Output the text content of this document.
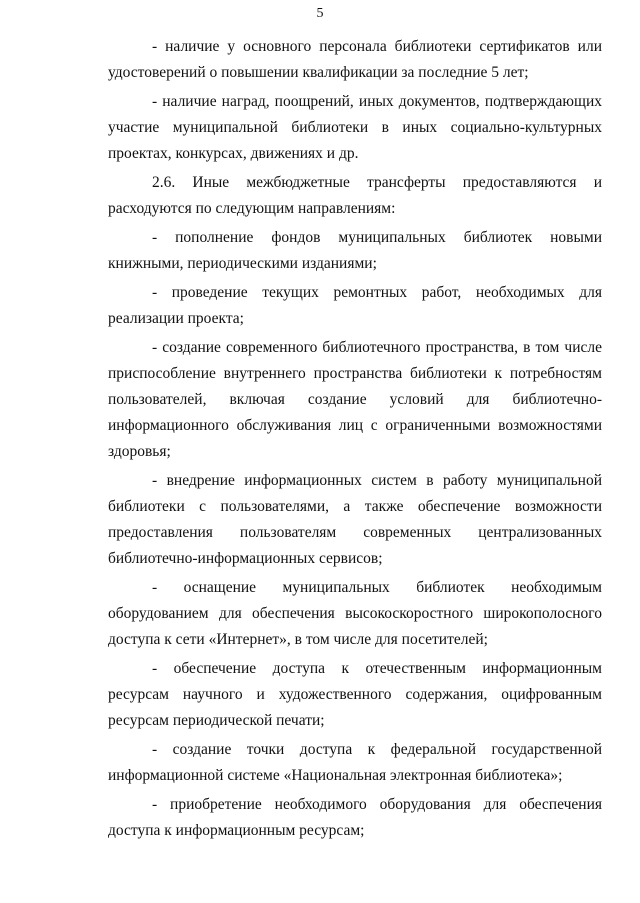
5

- наличие у основного персонала библиотеки сертификатов или удостоверений о повышении квалификации за последние 5 лет;

- наличие наград, поощрений, иных документов, подтверждающих участие муниципальной библиотеки в иных социально-культурных проектах, конкурсах, движениях и др.

2.6. Иные межбюджетные трансферты предоставляются и расходуются по следующим направлениям:

- пополнение фондов муниципальных библиотек новыми книжными, периодическими изданиями;

- проведение текущих ремонтных работ, необходимых для реализации проекта;

- создание современного библиотечного пространства, в том числе приспособление внутреннего пространства библиотеки к потребностям пользователей, включая создание условий для библиотечно-информационного обслуживания лиц с ограниченными возможностями здоровья;

- внедрение информационных систем в работу муниципальной библиотеки с пользователями, а также обеспечение возможности предоставления пользователям современных централизованных библиотечно-информационных сервисов;

- оснащение муниципальных библиотек необходимым оборудованием для обеспечения высокоскоростного широкополосного доступа к сети «Интернет», в том числе для посетителей;

- обеспечение доступа к отечественным информационным ресурсам научного и художественного содержания, оцифрованным ресурсам периодической печати;

- создание точки доступа к федеральной государственной информационной системе «Национальная электронная библиотека»;

- приобретение необходимого оборудования для обеспечения доступа к информационным ресурсам;
